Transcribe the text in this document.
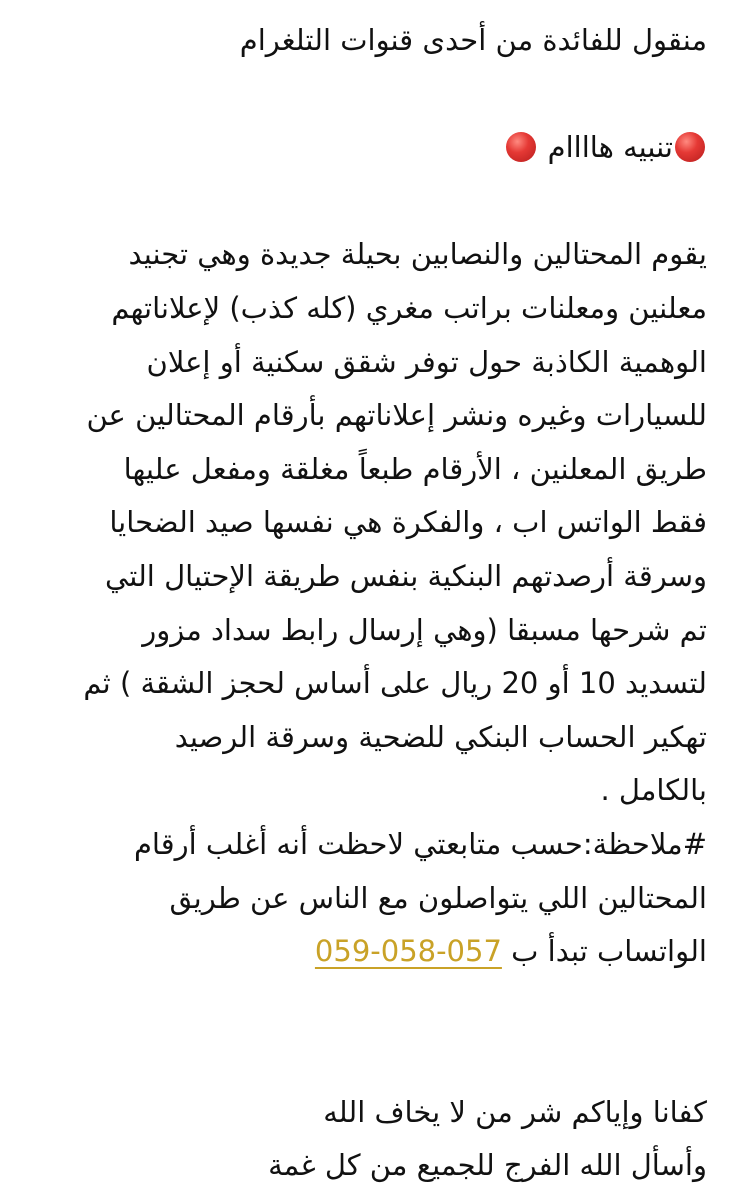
منقول للفائدة من أحدى قنوات التلغرام
تنبيه هاااام
يقوم المحتالين والنصابين بحيلة جديدة وهي تجنيد
معلنين ومعلنات براتب مغري (كله كذب) لإعلاناتهم
الوهمية الكاذبة حول توفر شقق سكنية أو إعلان
للسيارات وغيره ونشر إعلاناتهم بأرقام المحتالين عن
طريق المعلنين ، الأرقام طبعاً مغلقة ومفعل عليها
فقط الواتس اب ، والفكرة هي نفسها صيد الضحايا
وسرقة أرصدتهم البنكية بنفس طريقة الإحتيال التي
تم شرحها مسبقا (وهي إرسال رابط سداد مزور
لتسديد 10 أو 20 ريال على أساس لحجز الشقة ) ثم
تهكير الحساب البنكي للضحية وسرقة الرصيد
بالكامل .
#ملاحظة:حسب متابعتي لاحظت أنه أغلب أرقام
المحتالين اللي يتواصلون مع الناس عن طريق
الواتساب تبدأ ب 059-058-057
كفانا وإياكم شر من لا يخاف الله
وأسأل الله الفرج للجميع من كل غمة
